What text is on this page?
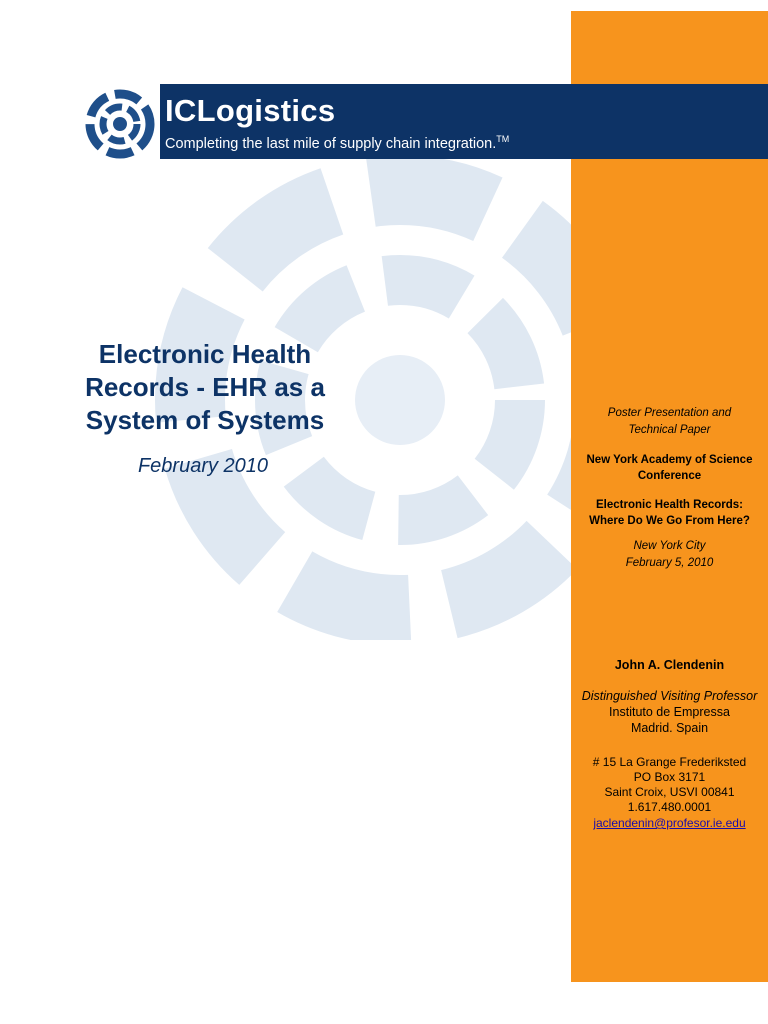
ICLogistics
Completing the last mile of supply chain integration.™
Electronic Health
Records - EHR as a
System of Systems
February 2010
Poster Presentation and
Technical Paper
New York Academy of Science
Conference
Electronic Health Records:
Where Do We Go From Here?
New York City
February 5, 2010
John A. Clendenin
Distinguished Visiting Professor
Instituto de Empressa
Madrid. Spain
# 15 La Grange Frederiksted
PO Box 3171
Saint Croix, USVI 00841
1.617.480.0001
jaclendenin@profesor.ie.edu
